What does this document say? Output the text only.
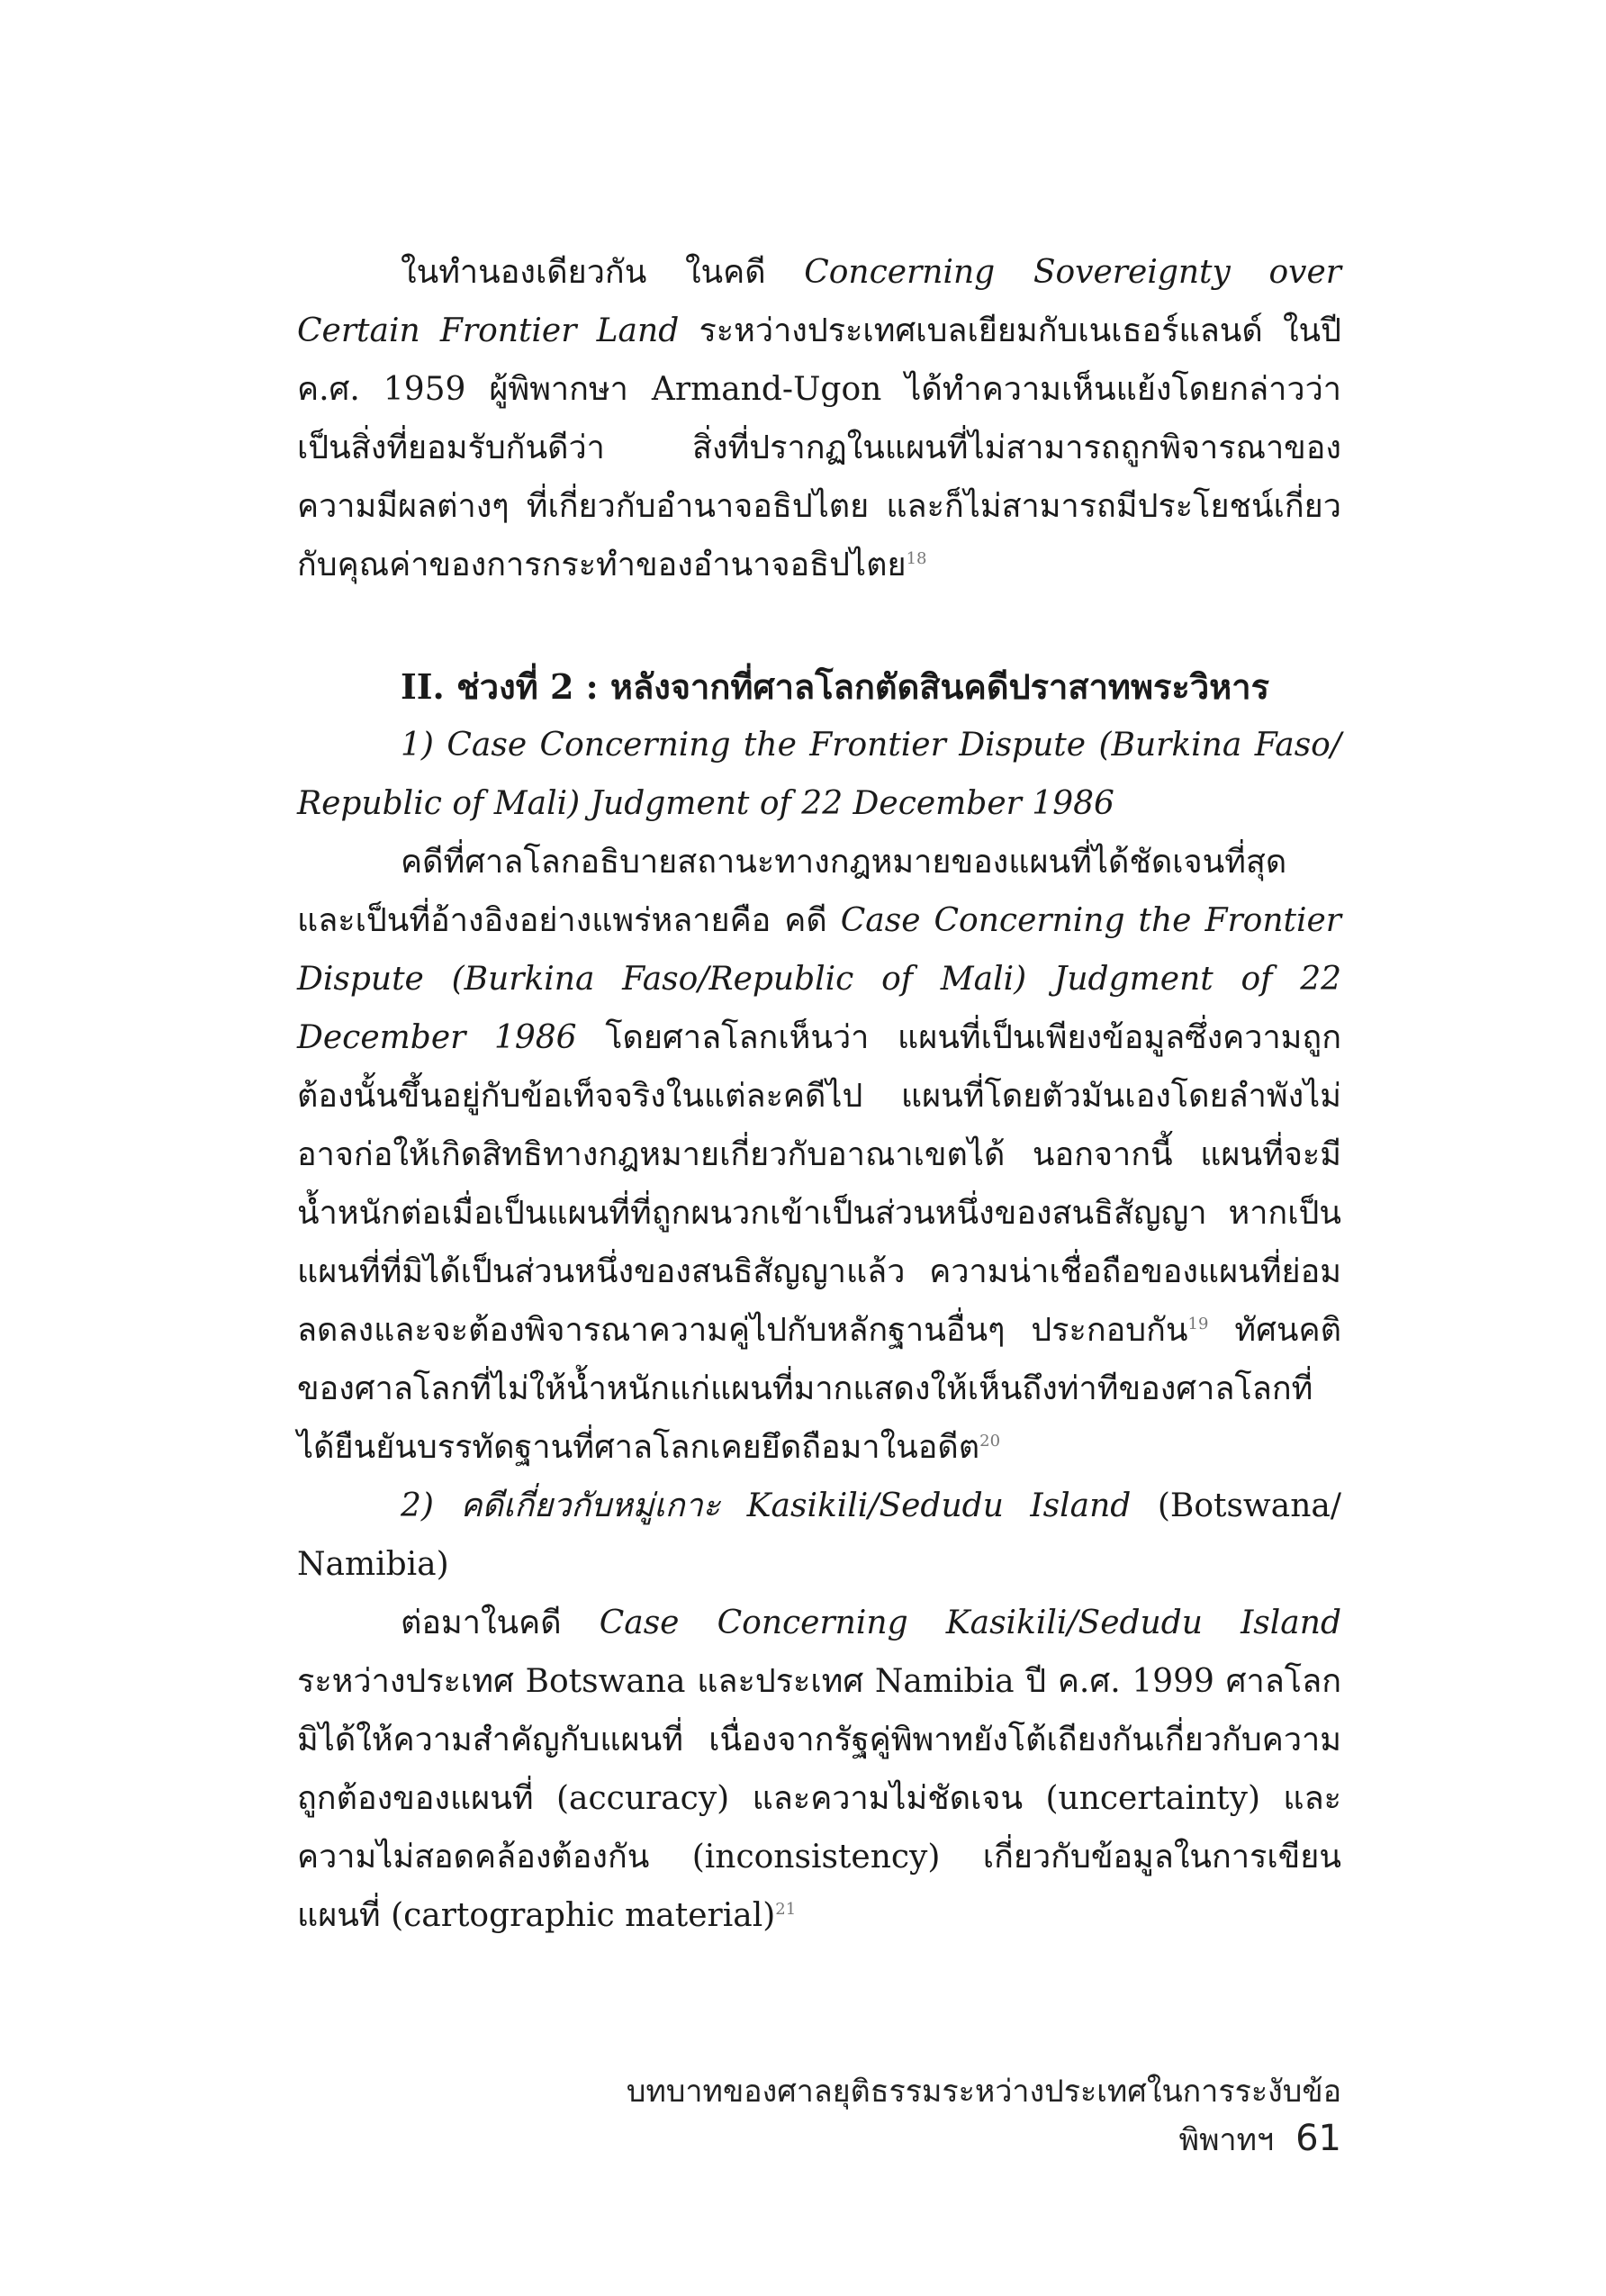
ในทำนองเดียวกัน ในคดี Concerning Sovereignty over Certain Frontier Land ระหว่างประเทศเบลเยียมกับเนเธอร์แลนด์ ในปี ค.ศ. 1959 ผู้พิพากษา Armand-Ugon ได้ทำความเห็นแย้งโดยกล่าวว่า เป็นสิ่งที่ยอมรับกันดีว่า สิ่งที่ปรากฏในแผนที่ไม่สามารถถูกพิจารณาของความมีผลต่างๆ ที่เกี่ยวกับอำนาจอธิปไตย และก็ไม่สามารถมีประโยชน์เกี่ยวกับคุณค่าของการกระทำของอำนาจอธิปไตย$^{18}$

II. ช่วงที่ 2 : หลังจากที่ศาลโลกตัดสินคดีปราสาทพระวิหาร

1) Case Concerning the Frontier Dispute (Burkina Faso/ Republic of Mali) Judgment of 22 December 1986

คดีที่ศาลโลกอธิบายสถานะทางกฎหมายของแผนที่ได้ชัดเจนที่สุด และเป็นที่อ้างอิงอย่างแพร่หลายคือ คดี Case Concerning the Frontier Dispute (Burkina Faso/Republic of Mali) Judgment of 22 December 1986 โดยศาลโลกเห็นว่า แผนที่เป็นเพียงข้อมูลซึ่งความถูกต้องนั้นขึ้นอยู่กับข้อเท็จจริงในแต่ละคดีไป แผนที่โดยตัวมันเองโดยลำพังไม่อาจก่อให้เกิดสิทธิทางกฎหมายเกี่ยวกับอาณาเขตได้ นอกจากนี้ แผนที่จะมีน้ำหนักต่อเมื่อเป็นแผนที่ที่ถูกผนวกเข้าเป็นส่วนหนึ่งของสนธิสัญญา หากเป็นแผนที่ที่มิได้เป็นส่วนหนึ่งของสนธิสัญญาแล้ว ความน่าเชื่อถือของแผนที่ย่อมลดลงและจะต้องพิจารณาความคู่ไปกับหลักฐานอื่นๆ ประกอบกัน$^{19}$ ทัศนคติของศาลโลกที่ไม่ให้น้ำหนักแก่แผนที่มากแสดงให้เห็นถึงท่าทีของศาลโลกที่ได้ยืนยันบรรทัดฐานที่ศาลโลกเคยยึดถือมาในอดีต$^{20}$

2) คดีเกี่ยวกับหมู่เกาะ Kasikili/Sedudu Island (Botswana/ Namibia)

ต่อมาในคดี Case Concerning Kasikili/Sedudu Island ระหว่างประเทศ Botswana และประเทศ Namibia ปี ค.ศ. 1999 ศาลโลกมิได้ให้ความสำคัญกับแผนที่ เนื่องจากรัฐคู่พิพาทยังโต้เถียงกันเกี่ยวกับความถูกต้องของแผนที่ (accuracy) และความไม่ชัดเจน (uncertainty) และความไม่สอดคล้องต้องกัน (inconsistency) เกี่ยวกับข้อมูลในการเขียนแผนที่ (cartographic material)$^{21}$

บทบาทของศาลยุติธรรมระหว่างประเทศในการระงับข้อพิพาทฯ 61
